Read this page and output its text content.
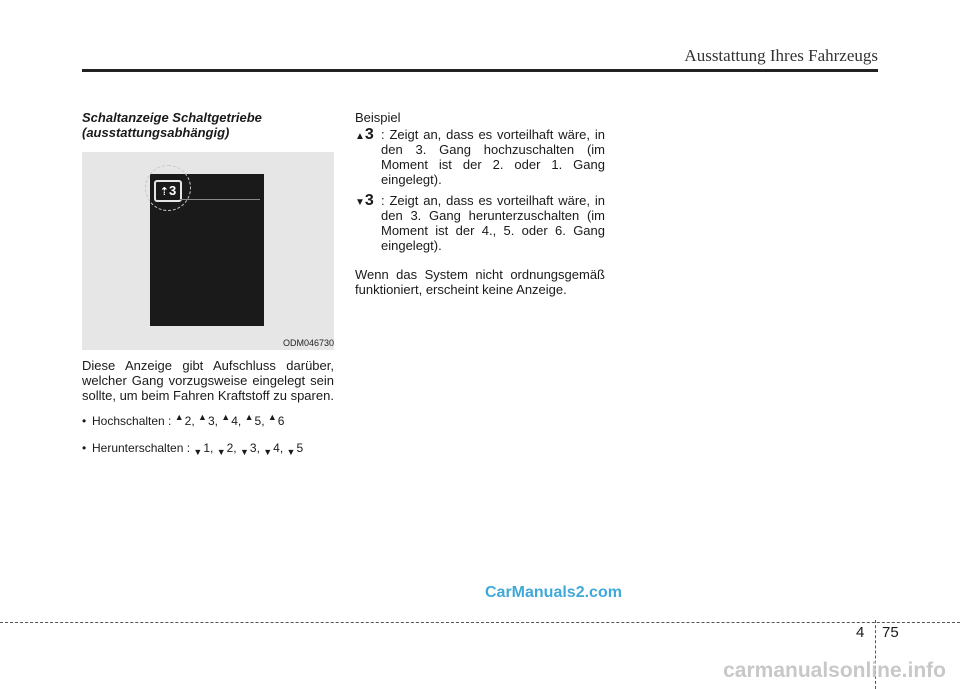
Ausstattung Ihres Fahrzeugs
Schaltanzeige Schaltgetriebe
(ausstattungsabhängig)
⇡3
ODM046730

Diese Anzeige gibt Aufschluss darüber, welcher Gang vorzugsweise eingelegt sein sollte, um beim Fahren Kraftstoff zu sparen.

• Hochschalten : ▲2, ▲3, ▲4, ▲5, ▲6
• Herunterschalten : $_▼$1, $_▼$2, $_▼$3, $_▼$4, $_▼$5
Beispiel
▲3 : Zeigt an, dass es vorteilhaft wäre, in den 3. Gang hochzuschalten (im Moment ist der 2. oder 1. Gang eingelegt).
▼3 : Zeigt an, dass es vorteilhaft wäre, in den 3. Gang herunterzuschalten (im Moment ist der 4., 5. oder 6. Gang eingelegt).
Wenn das System nicht ordnungsgemäß funktioniert, erscheint keine Anzeige.
CarManuals2.com
4 75
carmanualsonline.info
